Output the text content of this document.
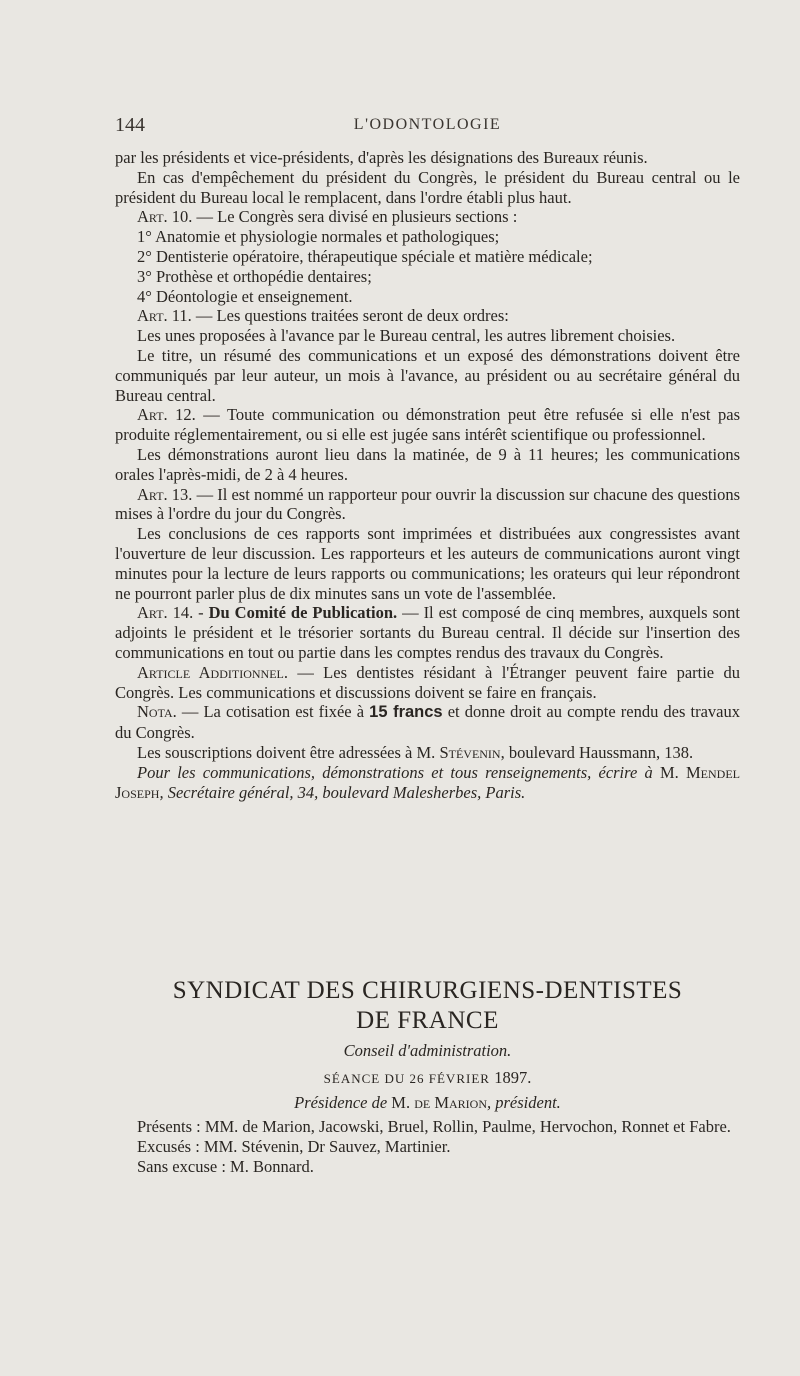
144	L'ODONTOLOGIE

par les présidents et vice-présidents, d'après les désignations des Bureaux réunis.

En cas d'empêchement du président du Congrès, le président du Bureau central ou le président du Bureau local le remplacent, dans l'ordre établi plus haut.

Art. 10. — Le Congrès sera divisé en plusieurs sections :

1° Anatomie et physiologie normales et pathologiques;

2° Dentisterie opératoire, thérapeutique spéciale et matière médicale;

3° Prothèse et orthopédie dentaires;

4° Déontologie et enseignement.

Art. 11. — Les questions traitées seront de deux ordres:

Les unes proposées à l'avance par le Bureau central, les autres librement choisies.

Le titre, un résumé des communications et un exposé des démonstrations doivent être communiqués par leur auteur, un mois à l'avance, au président ou au secrétaire général du Bureau central.

Art. 12. — Toute communication ou démonstration peut être refusée si elle n'est pas produite réglementairement, ou si elle est jugée sans intérêt scientifique ou professionnel.

Les démonstrations auront lieu dans la matinée, de 9 à 11 heures; les communications orales l'après-midi, de 2 à 4 heures.

Art. 13. — Il est nommé un rapporteur pour ouvrir la discussion sur chacune des questions mises à l'ordre du jour du Congrès.

Les conclusions de ces rapports sont imprimées et distribuées aux congressistes avant l'ouverture de leur discussion. Les rapporteurs et les auteurs de communications auront vingt minutes pour la lecture de leurs rapports ou communications; les orateurs qui leur répondront ne pourront parler plus de dix minutes sans un vote de l'assemblée.

Art. 14. - Du Comité de Publication. — Il est composé de cinq membres, auxquels sont adjoints le président et le trésorier sortants du Bureau central. Il décide sur l'insertion des communications en tout ou partie dans les comptes rendus des travaux du Congrès.

Article Additionnel. — Les dentistes résidant à l'Étranger peuvent faire partie du Congrès. Les communications et discussions doivent se faire en français.

Nota. — La cotisation est fixée à 15 francs et donne droit au compte rendu des travaux du Congrès.

Les souscriptions doivent être adressées à M. Stévenin, boulevard Haussmann, 138.

Pour les communications, démonstrations et tous renseignements, écrire à M. Mendel Joseph, Secrétaire général, 34, boulevard Malesherbes, Paris.

SYNDICAT DES CHIRURGIENS-DENTISTES

DE FRANCE

Conseil d'administration.

SÉANCE DU 26 FÉVRIER 1897.

Présidence de M. de Marion, président.

Présents : MM. de Marion, Jacowski, Bruel, Rollin, Paulme, Hervochon, Ronnet et Fabre.

Excusés : MM. Stévenin, Dr Sauvez, Martinier.

Sans excuse : M. Bonnard.
